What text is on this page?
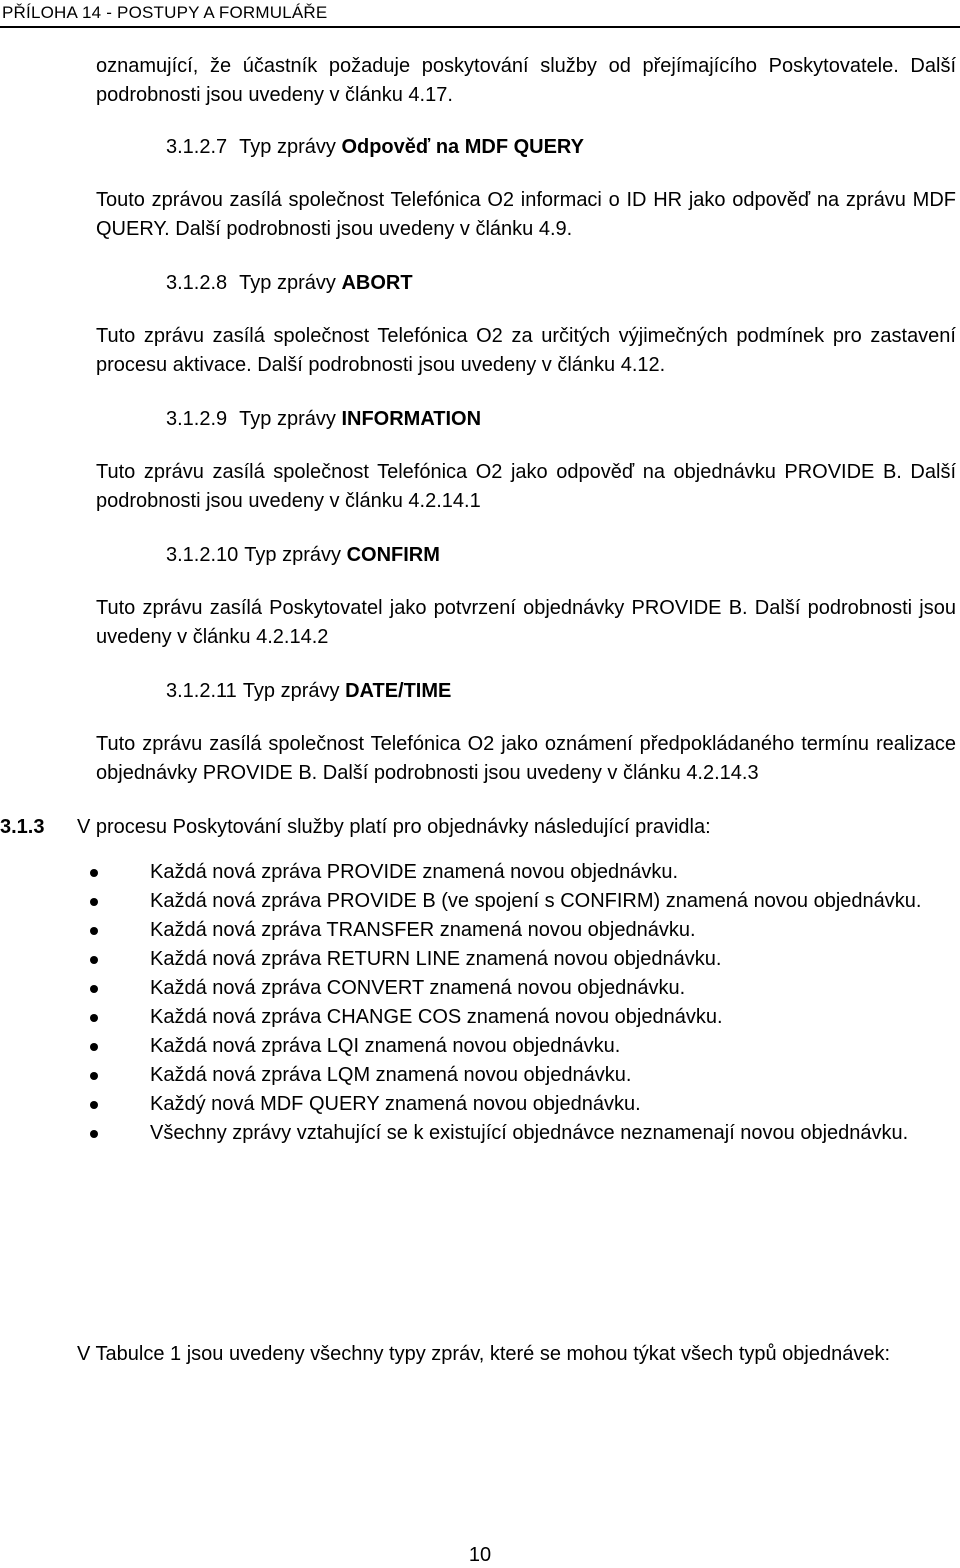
PŘÍLOHA 14 - POSTUPY A FORMULÁŘE

oznamující, že účastník požaduje poskytování služby od přejímajícího Poskytovatele. Další podrobnosti jsou uvedeny v článku 4.17.

3.1.2.7 Typ zprávy Odpověď na MDF QUERY

Touto zprávou zasílá společnost Telefónica O2 informaci o ID HR jako odpověď na zprávu MDF QUERY. Další podrobnosti jsou uvedeny v článku 4.9.

3.1.2.8 Typ zprávy ABORT

Tuto zprávu zasílá společnost Telefónica O2 za určitých výjimečných podmínek pro zastavení procesu aktivace. Další podrobnosti jsou uvedeny v článku 4.12.

3.1.2.9 Typ zprávy INFORMATION

Tuto zprávu zasílá společnost Telefónica O2 jako odpověď na objednávku PROVIDE B. Další podrobnosti jsou uvedeny v článku 4.2.14.1

3.1.2.10 Typ zprávy CONFIRM

Tuto zprávu zasílá Poskytovatel jako potvrzení objednávky PROVIDE B. Další podrobnosti jsou uvedeny v článku 4.2.14.2

3.1.2.11 Typ zprávy DATE/TIME

Tuto zprávu zasílá společnost Telefónica O2 jako oznámení předpokládaného termínu realizace objednávky PROVIDE B. Další podrobnosti jsou uvedeny v článku 4.2.14.3

3.1.3 V procesu Poskytování služby platí pro objednávky následující pravidla:
Každá nová zpráva PROVIDE znamená novou objednávku.
Každá nová zpráva PROVIDE B (ve spojení s CONFIRM) znamená novou objednávku.
Každá nová zpráva TRANSFER znamená novou objednávku.
Každá nová zpráva RETURN LINE znamená novou objednávku.
Každá nová zpráva CONVERT znamená novou objednávku.
Každá nová zpráva CHANGE COS znamená novou objednávku.
Každá nová zpráva LQI znamená novou objednávku.
Každá nová zpráva LQM znamená novou objednávku.
Každý nová MDF QUERY znamená novou objednávku.
Všechny zprávy vztahující se k existující objednávce neznamenají novou objednávku.

V Tabulce 1 jsou uvedeny všechny typy zpráv, které se mohou týkat všech typů objednávek:

10
